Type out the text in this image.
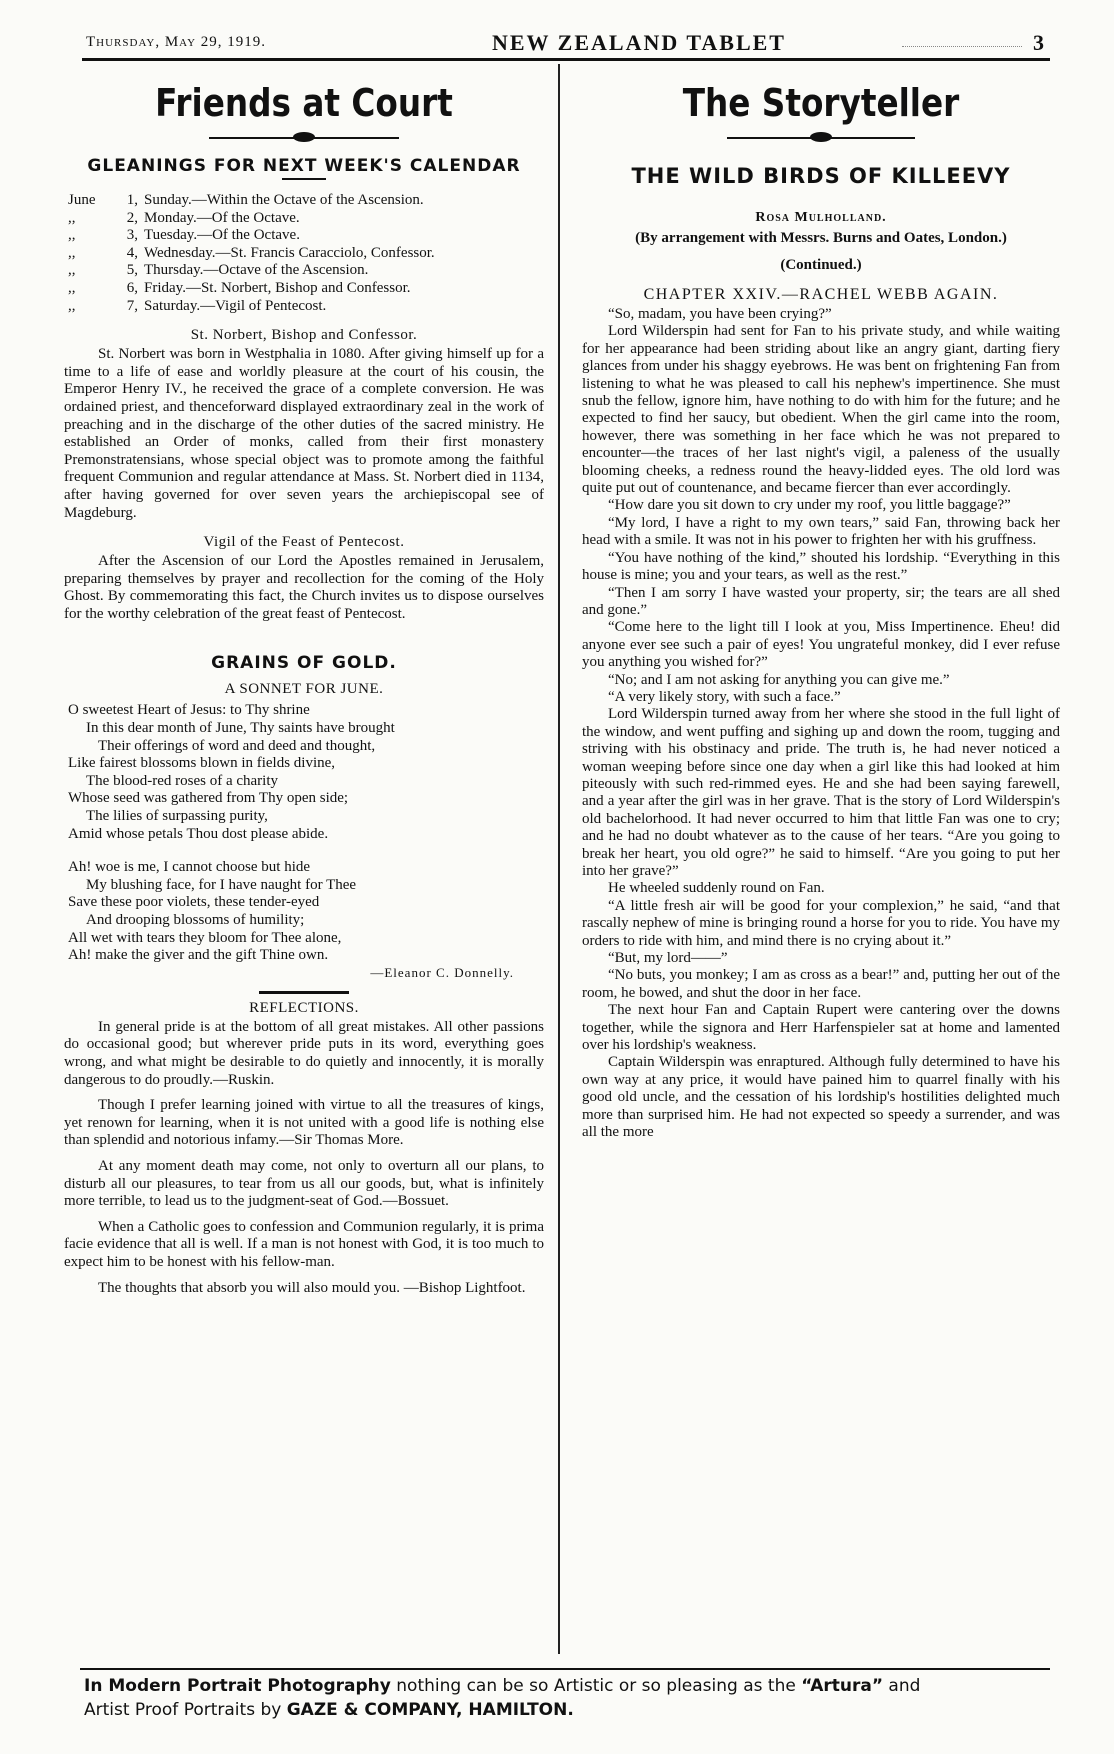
Thursday, May 29, 1919.	NEW ZEALAND TABLET	3
Friends at Court
GLEANINGS FOR NEXT WEEK'S CALENDAR
June	1, Sunday.—Within the Octave of the Ascension.
,,	2, Monday.—Of the Octave.
,,	3, Tuesday.—Of the Octave.
,,	4, Wednesday.—St. Francis Caracciolo, Confessor.
,,	5, Thursday.—Octave of the Ascension.
,,	6, Friday.—St. Norbert, Bishop and Confessor.
,,	7, Saturday.—Vigil of Pentecost.
St. Norbert, Bishop and Confessor.

St. Norbert was born in Westphalia in 1080. After giving himself up for a time to a life of ease and worldly pleasure at the court of his cousin, the Emperor Henry IV., he received the grace of a complete conversion. He was ordained priest, and thenceforward displayed extraordinary zeal in the work of preaching and in the discharge of the other duties of the sacred ministry. He established an Order of monks, called from their first monastery Premonstratensians, whose special object was to promote among the faithful frequent Communion and regular attendance at Mass. St. Norbert died in 1134, after having governed for over seven years the archiepiscopal see of Magdeburg.

Vigil of the Feast of Pentecost.

After the Ascension of our Lord the Apostles remained in Jerusalem, preparing themselves by prayer and recollection for the coming of the Holy Ghost. By commemorating this fact, the Church invites us to dispose ourselves for the worthy celebration of the great feast of Pentecost.

GRAINS OF GOLD.
A SONNET FOR JUNE.
O sweetest Heart of Jesus: to Thy shrine
In this dear month of June, Thy saints have brought
Their offerings of word and deed and thought,
Like fairest blossoms blown in fields divine,
The blood-red roses of a charity
Whose seed was gathered from Thy open side;
The lilies of surpassing purity,
Amid whose petals Thou dost please abide.
Ah! woe is me, I cannot choose but hide
My blushing face, for I have naught for Thee
Save these poor violets, these tender-eyed
And drooping blossoms of humility;
All wet with tears they bloom for Thee alone,
Ah! make the giver and the gift Thine own.
—Eleanor C. Donnelly.
REFLECTIONS.

In general pride is at the bottom of all great mistakes. All other passions do occasional good; but wherever pride puts in its word, everything goes wrong, and what might be desirable to do quietly and innocently, it is morally dangerous to do proudly.—Ruskin.

Though I prefer learning joined with virtue to all the treasures of kings, yet renown for learning, when it is not united with a good life is nothing else than splendid and notorious infamy.—Sir Thomas More.

At any moment death may come, not only to overturn all our plans, to disturb all our pleasures, to tear from us all our goods, but, what is infinitely more terrible, to lead us to the judgment-seat of God.—Bossuet.

When a Catholic goes to confession and Communion regularly, it is prima facie evidence that all is well. If a man is not honest with God, it is too much to expect him to be honest with his fellow-man.

The thoughts that absorb you will also mould you. —Bishop Lightfoot.

The Storyteller
THE WILD BIRDS OF KILLEEVY
Rosa Mulholland.
(By arrangement with Messrs. Burns and Oates, London.)
(Continued.)
CHAPTER XXIV.—RACHEL WEBB AGAIN.

“So, madam, you have been crying?”

Lord Wilderspin had sent for Fan to his private study, and while waiting for her appearance had been striding about like an angry giant, darting fiery glances from under his shaggy eyebrows. He was bent on frightening Fan from listening to what he was pleased to call his nephew's impertinence. She must snub the fellow, ignore him, have nothing to do with him for the future; and he expected to find her saucy, but obedient. When the girl came into the room, however, there was something in her face which he was not prepared to encounter—the traces of her last night's vigil, a paleness of the usually blooming cheeks, a redness round the heavy-lidded eyes. The old lord was quite put out of countenance, and became fiercer than ever accordingly.

“How dare you sit down to cry under my roof, you little baggage?”

“My lord, I have a right to my own tears,” said Fan, throwing back her head with a smile. It was not in his power to frighten her with his gruffness.

“You have nothing of the kind,” shouted his lordship. “Everything in this house is mine; you and your tears, as well as the rest.”

“Then I am sorry I have wasted your property, sir; the tears are all shed and gone.”

“Come here to the light till I look at you, Miss Impertinence. Eheu! did anyone ever see such a pair of eyes! You ungrateful monkey, did I ever refuse you anything you wished for?”

“No; and I am not asking for anything you can give me.”

“A very likely story, with such a face.”

Lord Wilderspin turned away from her where she stood in the full light of the window, and went puffing and sighing up and down the room, tugging and striving with his obstinacy and pride. The truth is, he had never noticed a woman weeping before since one day when a girl like this had looked at him piteously with such red-rimmed eyes. He and she had been saying farewell, and a year after the girl was in her grave. That is the story of Lord Wilderspin's old bachelorhood. It had never occurred to him that little Fan was one to cry; and he had no doubt whatever as to the cause of her tears. “Are you going to break her heart, you old ogre?” he said to himself. “Are you going to put her into her grave?”

He wheeled suddenly round on Fan.

“A little fresh air will be good for your complexion,” he said, “and that rascally nephew of mine is bringing round a horse for you to ride. You have my orders to ride with him, and mind there is no crying about it.”

“But, my lord——”

“No buts, you monkey; I am as cross as a bear!” and, putting her out of the room, he bowed, and shut the door in her face.

The next hour Fan and Captain Rupert were cantering over the downs together, while the signora and Herr Harfenspieler sat at home and lamented over his lordship's weakness.

Captain Wilderspin was enraptured. Although fully determined to have his own way at any price, it would have pained him to quarrel finally with his good old uncle, and the cessation of his lordship's hostilities delighted much more than surprised him. He had not expected so speedy a surrender, and was all the more

In Modern Portrait Photography nothing can be so Artistic or so pleasing as the “Artura” and
Artist Proof Portraits by GAZE & COMPANY, HAMILTON.
